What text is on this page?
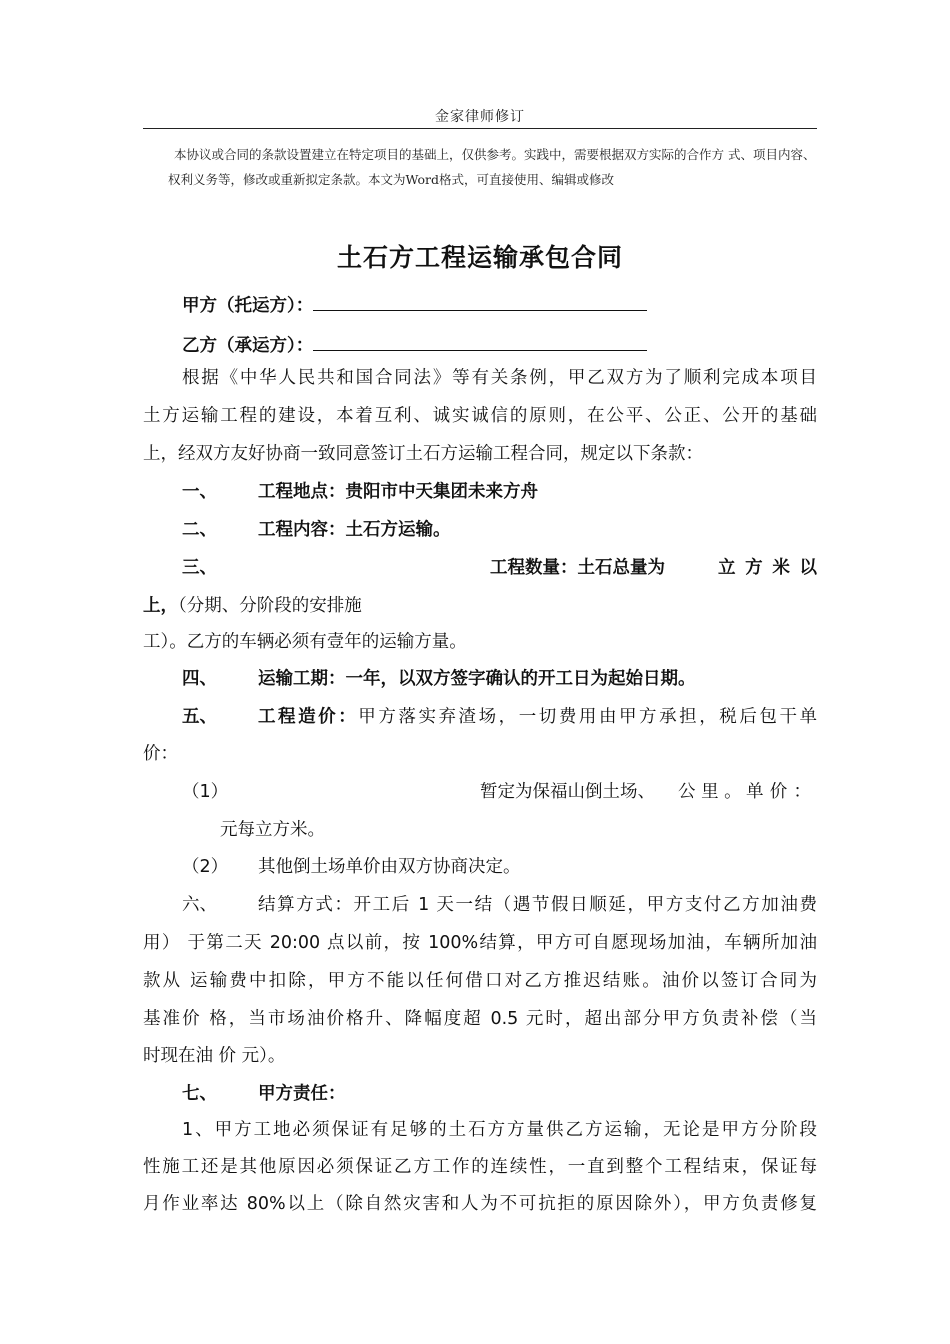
金家律师修订
本协议或合同的条款设置建立在特定项目的基础上，仅供参考。实践中，需要根据双方实际的合作方 式、项目内容、权利义务等，修改或重新拟定条款。本文为Word格式，可直接使用、编辑或修改
土石方工程运输承包合同
甲方（托运方）：
乙方（承运方）：
根据《中华人民共和国合同法》等有关条例，甲乙双方为了顺利完成本项目
土方运输工程的建设，本着互利、诚实诚信的原则，在公平、公正、公开的基础
上，经双方友好协商一致同意签订土石方运输工程合同，规定以下条款：
一、 工程地点：贵阳市中天集团未来方舟
二、 工程内容：土石方运输。
三、	工程数量：土石总量为	立 方 米 以
上，（分期、分阶段的安排施
工）。乙方的车辆必须有壹年的运输方量。
四、 运输工期：一年，以双方签字确认的开工日为起始日期。
五、 工程造价：甲方落实弃渣场，一切费用由甲方承担，税后包干单
价：
（1）	暂定为保福山倒土场、 公 里 。 单 价 ：
元每立方米。
（2） 其他倒土场单价由双方协商决定。
六、 结算方式：开工后 1 天一结（遇节假日顺延，甲方支付乙方加油费
用） 于第二天 20:00 点以前，按 100%结算，甲方可自愿现场加油，车辆所加油
款从 运输费中扣除，甲方不能以任何借口对乙方推迟结账。油价以签订合同为
基准价 格，当市场油价格升、降幅度超 0.5 元时，超出部分甲方负责补偿（当
时现在油 价 元）。
七、 甲方责任：
1、甲方工地必须保证有足够的土石方方量供乙方运输，无论是甲方分阶段
性施工还是其他原因必须保证乙方工作的连续性，一直到整个工程结束，保证每
月作业率达 80%以上（除自然灾害和人为不可抗拒的原因除外），甲方负责修复
